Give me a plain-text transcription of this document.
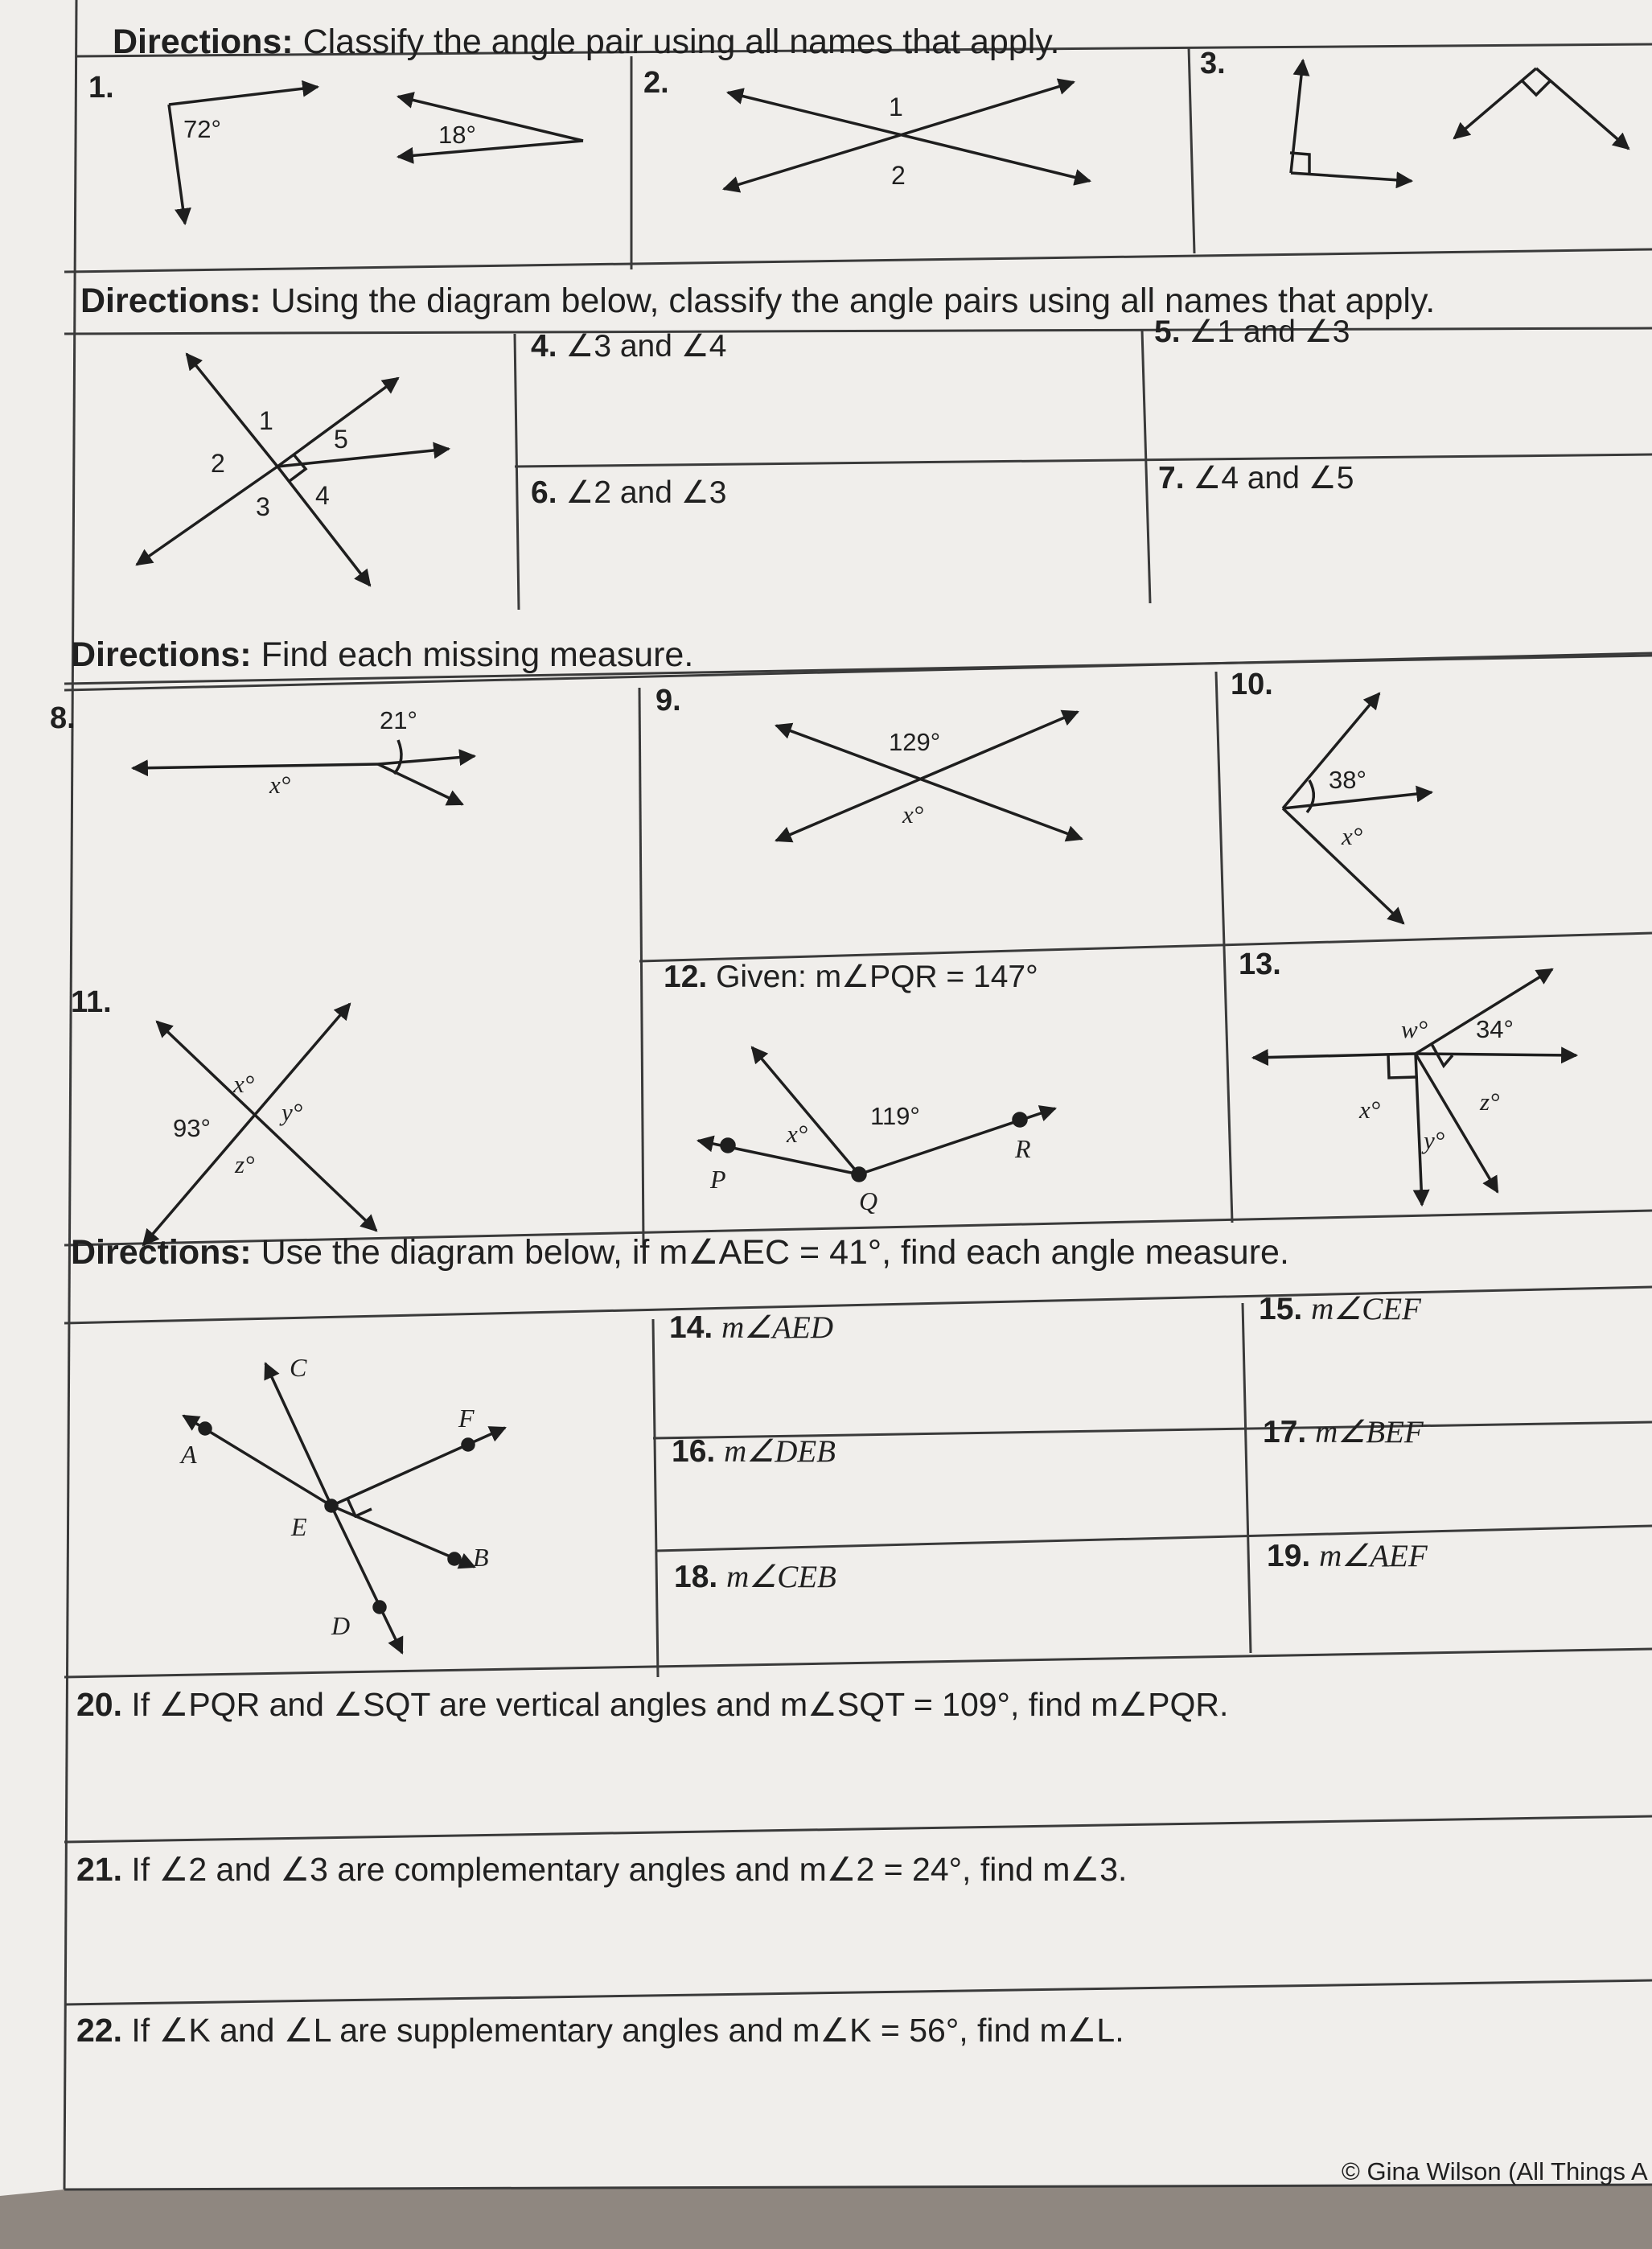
Directions: Classify the angle pair using all names that apply.
1.
72°	18°
2.
1
2
3.
Directions: Using the diagram below, classify the angle pairs using all names that apply.
1
2
3 4
5
4. ∠3 and ∠4	5. ∠1 and ∠3
6. ∠2 and ∠3	7. ∠4 and ∠5
Directions: Find each missing measure.
8.	21°
x°
9.
129°
x°
10.
38°
x°
11.
93°
x°
y°
z°
12. Given: m∠PQR = 147°
119°
x°
P
Q
R
13.
34°
w°
x°
y°
z°
Directions: Use the diagram below, if m∠AEC = 41°, find each angle measure.
A
C
E
F
B
D
14. m∠AED
15. m∠CEF
16. m∠DEB
17. m∠BEF
18. m∠CEB
19. m∠AEF
20. If ∠PQR and ∠SQT are vertical angles and m∠SQT = 109°, find m∠PQR.
21. If ∠2 and ∠3 are complementary angles and m∠2 = 24°, find m∠3.
22. If ∠K and ∠L are supplementary angles and m∠K = 56°, find m∠L.
© Gina Wilson (All Things A
